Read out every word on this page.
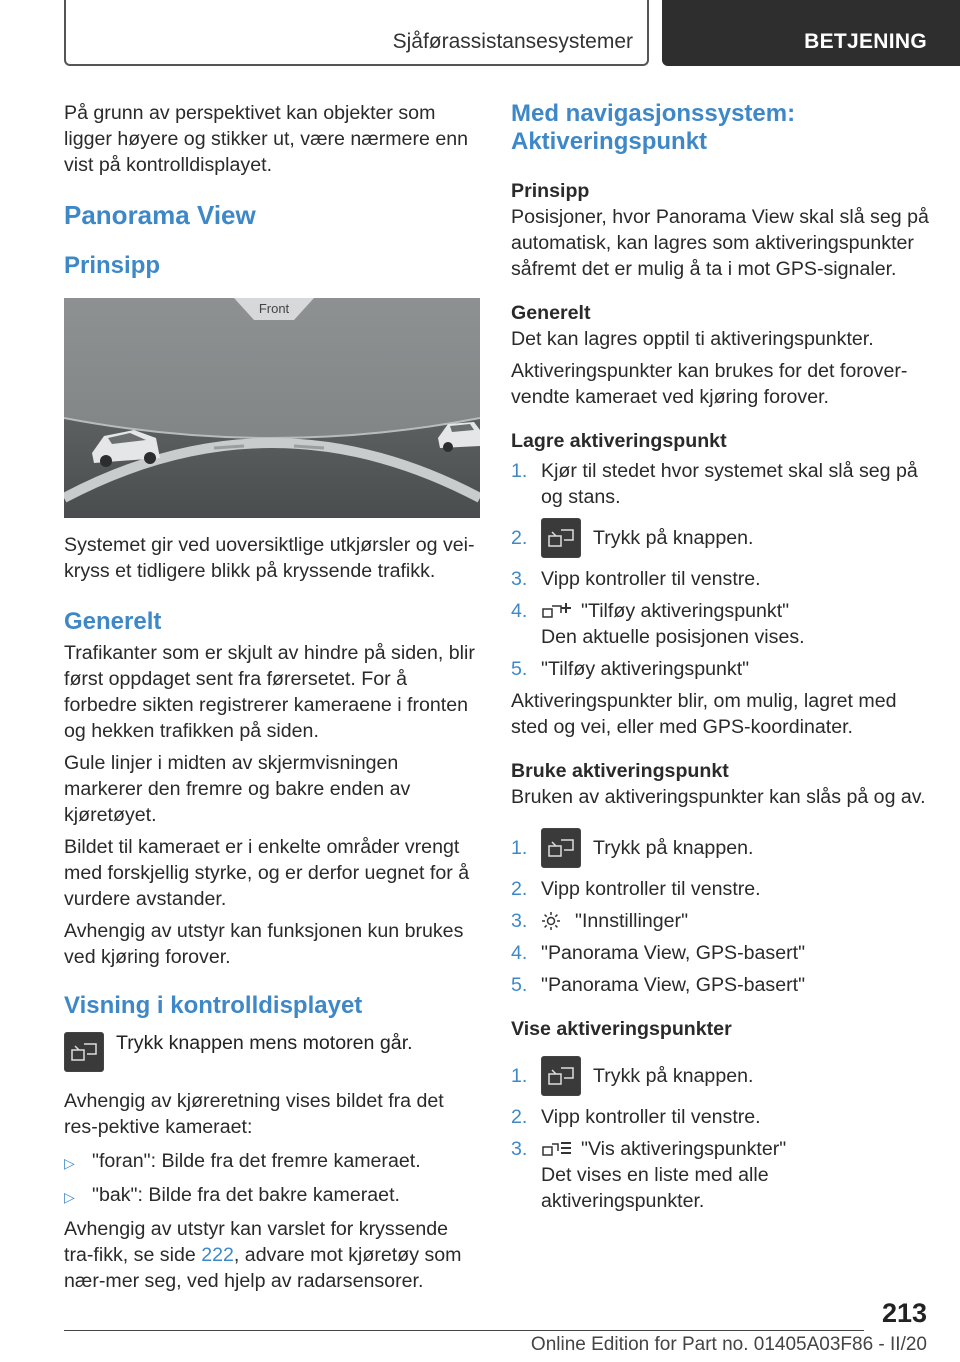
Sjåførassistansesystemer	BETJENING

På grunn av perspektivet kan objekter som ligger høyere og stikker ut, være nærmere enn vist på kontrolldisplayet.

Panorama View
Prinsipp
Front

Systemet gir ved uoversiktlige utkjørsler og vei-kryss et tidligere blikk på kryssende trafikk.

Generelt

Trafikanter som er skjult av hindre på siden, blir først oppdaget sent fra førersetet. For å forbedre sikten registrerer kameraene i fronten og hekken trafikken på siden.

Gule linjer i midten av skjermvisningen markerer den fremre og bakre enden av kjøretøyet.

Bildet til kameraet er i enkelte områder vrengt med forskjellig styrke, og er derfor uegnet for å vurdere avstander.

Avhengig av utstyr kan funksjonen kun brukes ved kjøring forover.

Visning i kontrolldisplayet
Trykk knappen mens motoren går.

Avhengig av kjøreretning vises bildet fra det res-pektive kameraet:

▷ "foran": Bilde fra det fremre kameraet.
▷ "bak": Bilde fra det bakre kameraet.

Avhengig av utstyr kan varslet for kryssende tra-fikk, se side 222, advare mot kjøretøy som nær-mer seg, ved hjelp av radarsensorer.

Med navigasjonssystem: Aktiveringspunkt
Prinsipp

Posisjoner, hvor Panorama View skal slå seg på automatisk, kan lagres som aktiveringspunkter såfremt det er mulig å ta i mot GPS-signaler.

Generelt

Det kan lagres opptil ti aktiveringspunkter.

Aktiveringspunkter kan brukes for det forover-vendte kameraet ved kjøring forover.

Lagre aktiveringspunkt
1. Kjør til stedet hvor systemet skal slå seg på
og stans.
2.	Trykk på knappen.
3. Vipp kontroller til venstre.
4.	"Tilføy aktiveringspunkt"
Den aktuelle posisjonen vises.
5. "Tilføy aktiveringspunkt"

Aktiveringspunkter blir, om mulig, lagret med sted og vei, eller med GPS-koordinater.

Bruke aktiveringspunkt

Bruken av aktiveringspunkter kan slås på og av.

1.	Trykk på knappen.
2. Vipp kontroller til venstre.
3.	"Innstillinger"
4. "Panorama View, GPS-basert"
5. "Panorama View, GPS-basert"
Vise aktiveringspunkter
1.	Trykk på knappen.
2. Vipp kontroller til venstre.
3.	"Vis aktiveringspunkter"
Det vises en liste med alle aktiveringspunkter.
213
Online Edition for Part no. 01405A03F86 - II/20
